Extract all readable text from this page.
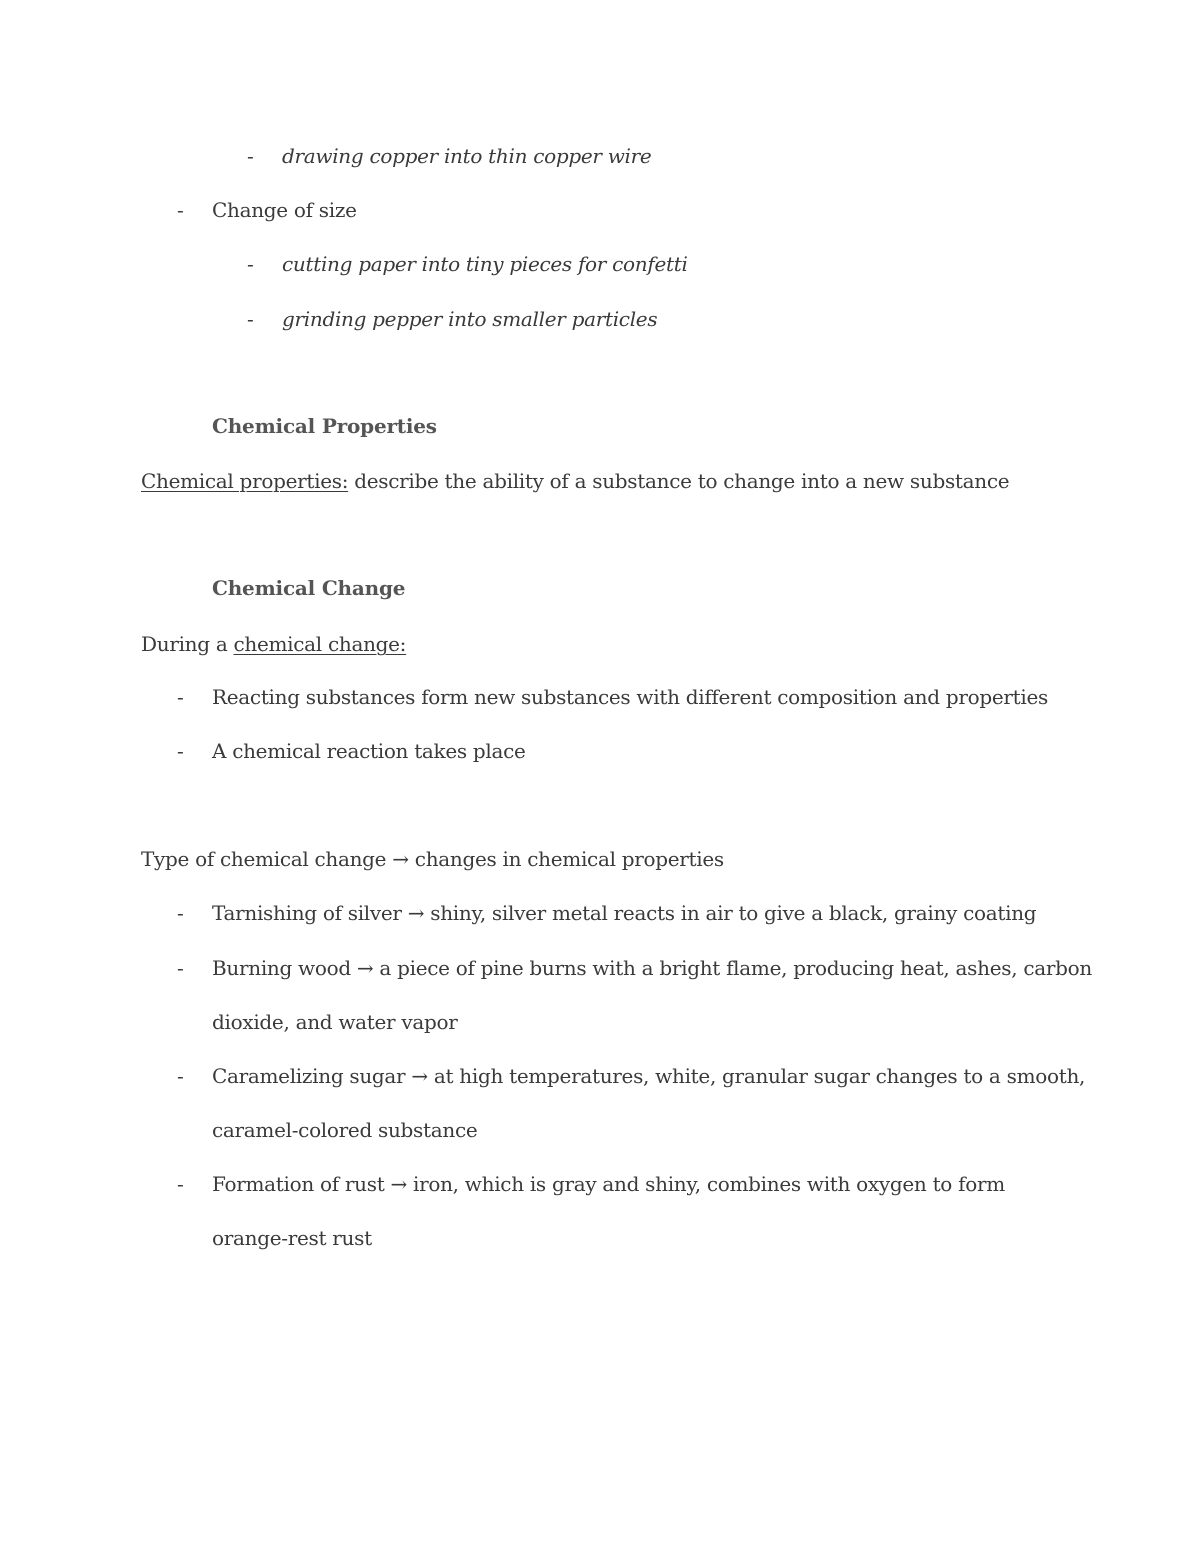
- drawing copper into thin copper wire
- Change of size
- cutting paper into tiny pieces for confetti
- grinding pepper into smaller particles
Chemical Properties
Chemical properties: describe the ability of a substance to change into a new substance
Chemical Change
During a chemical change:
- Reacting substances form new substances with different composition and properties
- A chemical reaction takes place
Type of chemical change → changes in chemical properties
- Tarnishing of silver → shiny, silver metal reacts in air to give a black, grainy coating
- Burning wood → a piece of pine burns with a bright flame, producing heat, ashes, carbon
dioxide, and water vapor
- Caramelizing sugar → at high temperatures, white, granular sugar changes to a smooth,
caramel-colored substance
- Formation of rust → iron, which is gray and shiny, combines with oxygen to form
orange-rest rust
